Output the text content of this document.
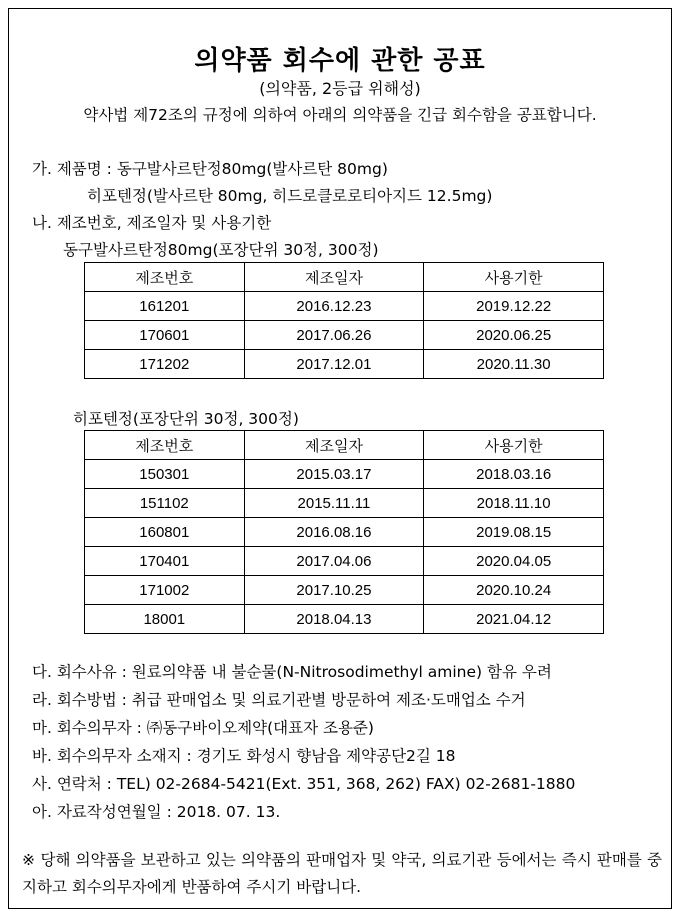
의약품 회수에 관한 공표
(의약품, 2등급 위해성)
약사법 제72조의 규정에 의하여 아래의 의약품을 긴급 회수함을 공표합니다.
가. 제품명 : 동구발사르탄정80mg(발사르탄 80mg)
히포텐정(발사르탄 80mg, 히드로클로로티아지드 12.5mg)
나. 제조번호, 제조일자 및 사용기한
동구발사르탄정80mg(포장단위 30정, 300정)
제조번호	제조일자	사용기한
161201	2016.12.23	2019.12.22
170601	2017.06.26	2020.06.25
171202	2017.12.01	2020.11.30
히포텐정(포장단위 30정, 300정)
제조번호	제조일자	사용기한
150301	2015.03.17	2018.03.16
151102	2015.11.11	2018.11.10
160801	2016.08.16	2019.08.15
170401	2017.04.06	2020.04.05
171002	2017.10.25	2020.10.24
18001	2018.04.13	2021.04.12
다. 회수사유 : 원료의약품 내 불순물(N-Nitrosodimethyl amine) 함유 우려
라. 회수방법 : 취급 판매업소 및 의료기관별 방문하여 제조·도매업소 수거
마. 회수의무자 : ㈜동구바이오제약(대표자 조용준)
바. 회수의무자 소재지 : 경기도 화성시 향남읍 제약공단2길 18
사. 연락처 : TEL) 02-2684-5421(Ext. 351, 368, 262) FAX) 02-2681-1880
아. 자료작성연월일 : 2018. 07. 13.
※ 당해 의약품을 보관하고 있는 의약품의 판매업자 및 약국, 의료기관 등에서는 즉시 판매를 중지하고 회수의무자에게 반품하여 주시기 바랍니다.
